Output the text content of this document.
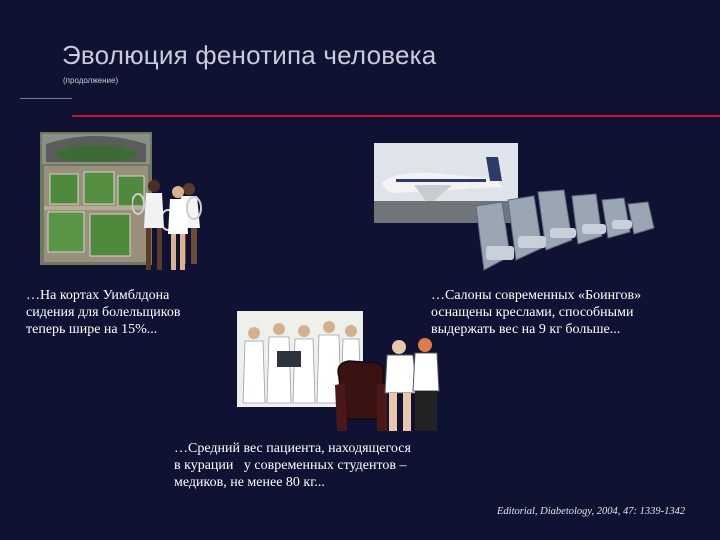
Эволюция фенотипа человека
(продолжение)
…На кортах Уимблдона
сидения для болельщиков
теперь шире на 15%...
…Салоны современных «Боингов»
оснащены креслами, способными
выдержать вес на 9 кг больше...
…Средний вес пациента, находящегося
в курации   у современных студентов –
медиков, не менее 80 кг...
Editorial, Diabetology, 2004, 47: 1339-1342
